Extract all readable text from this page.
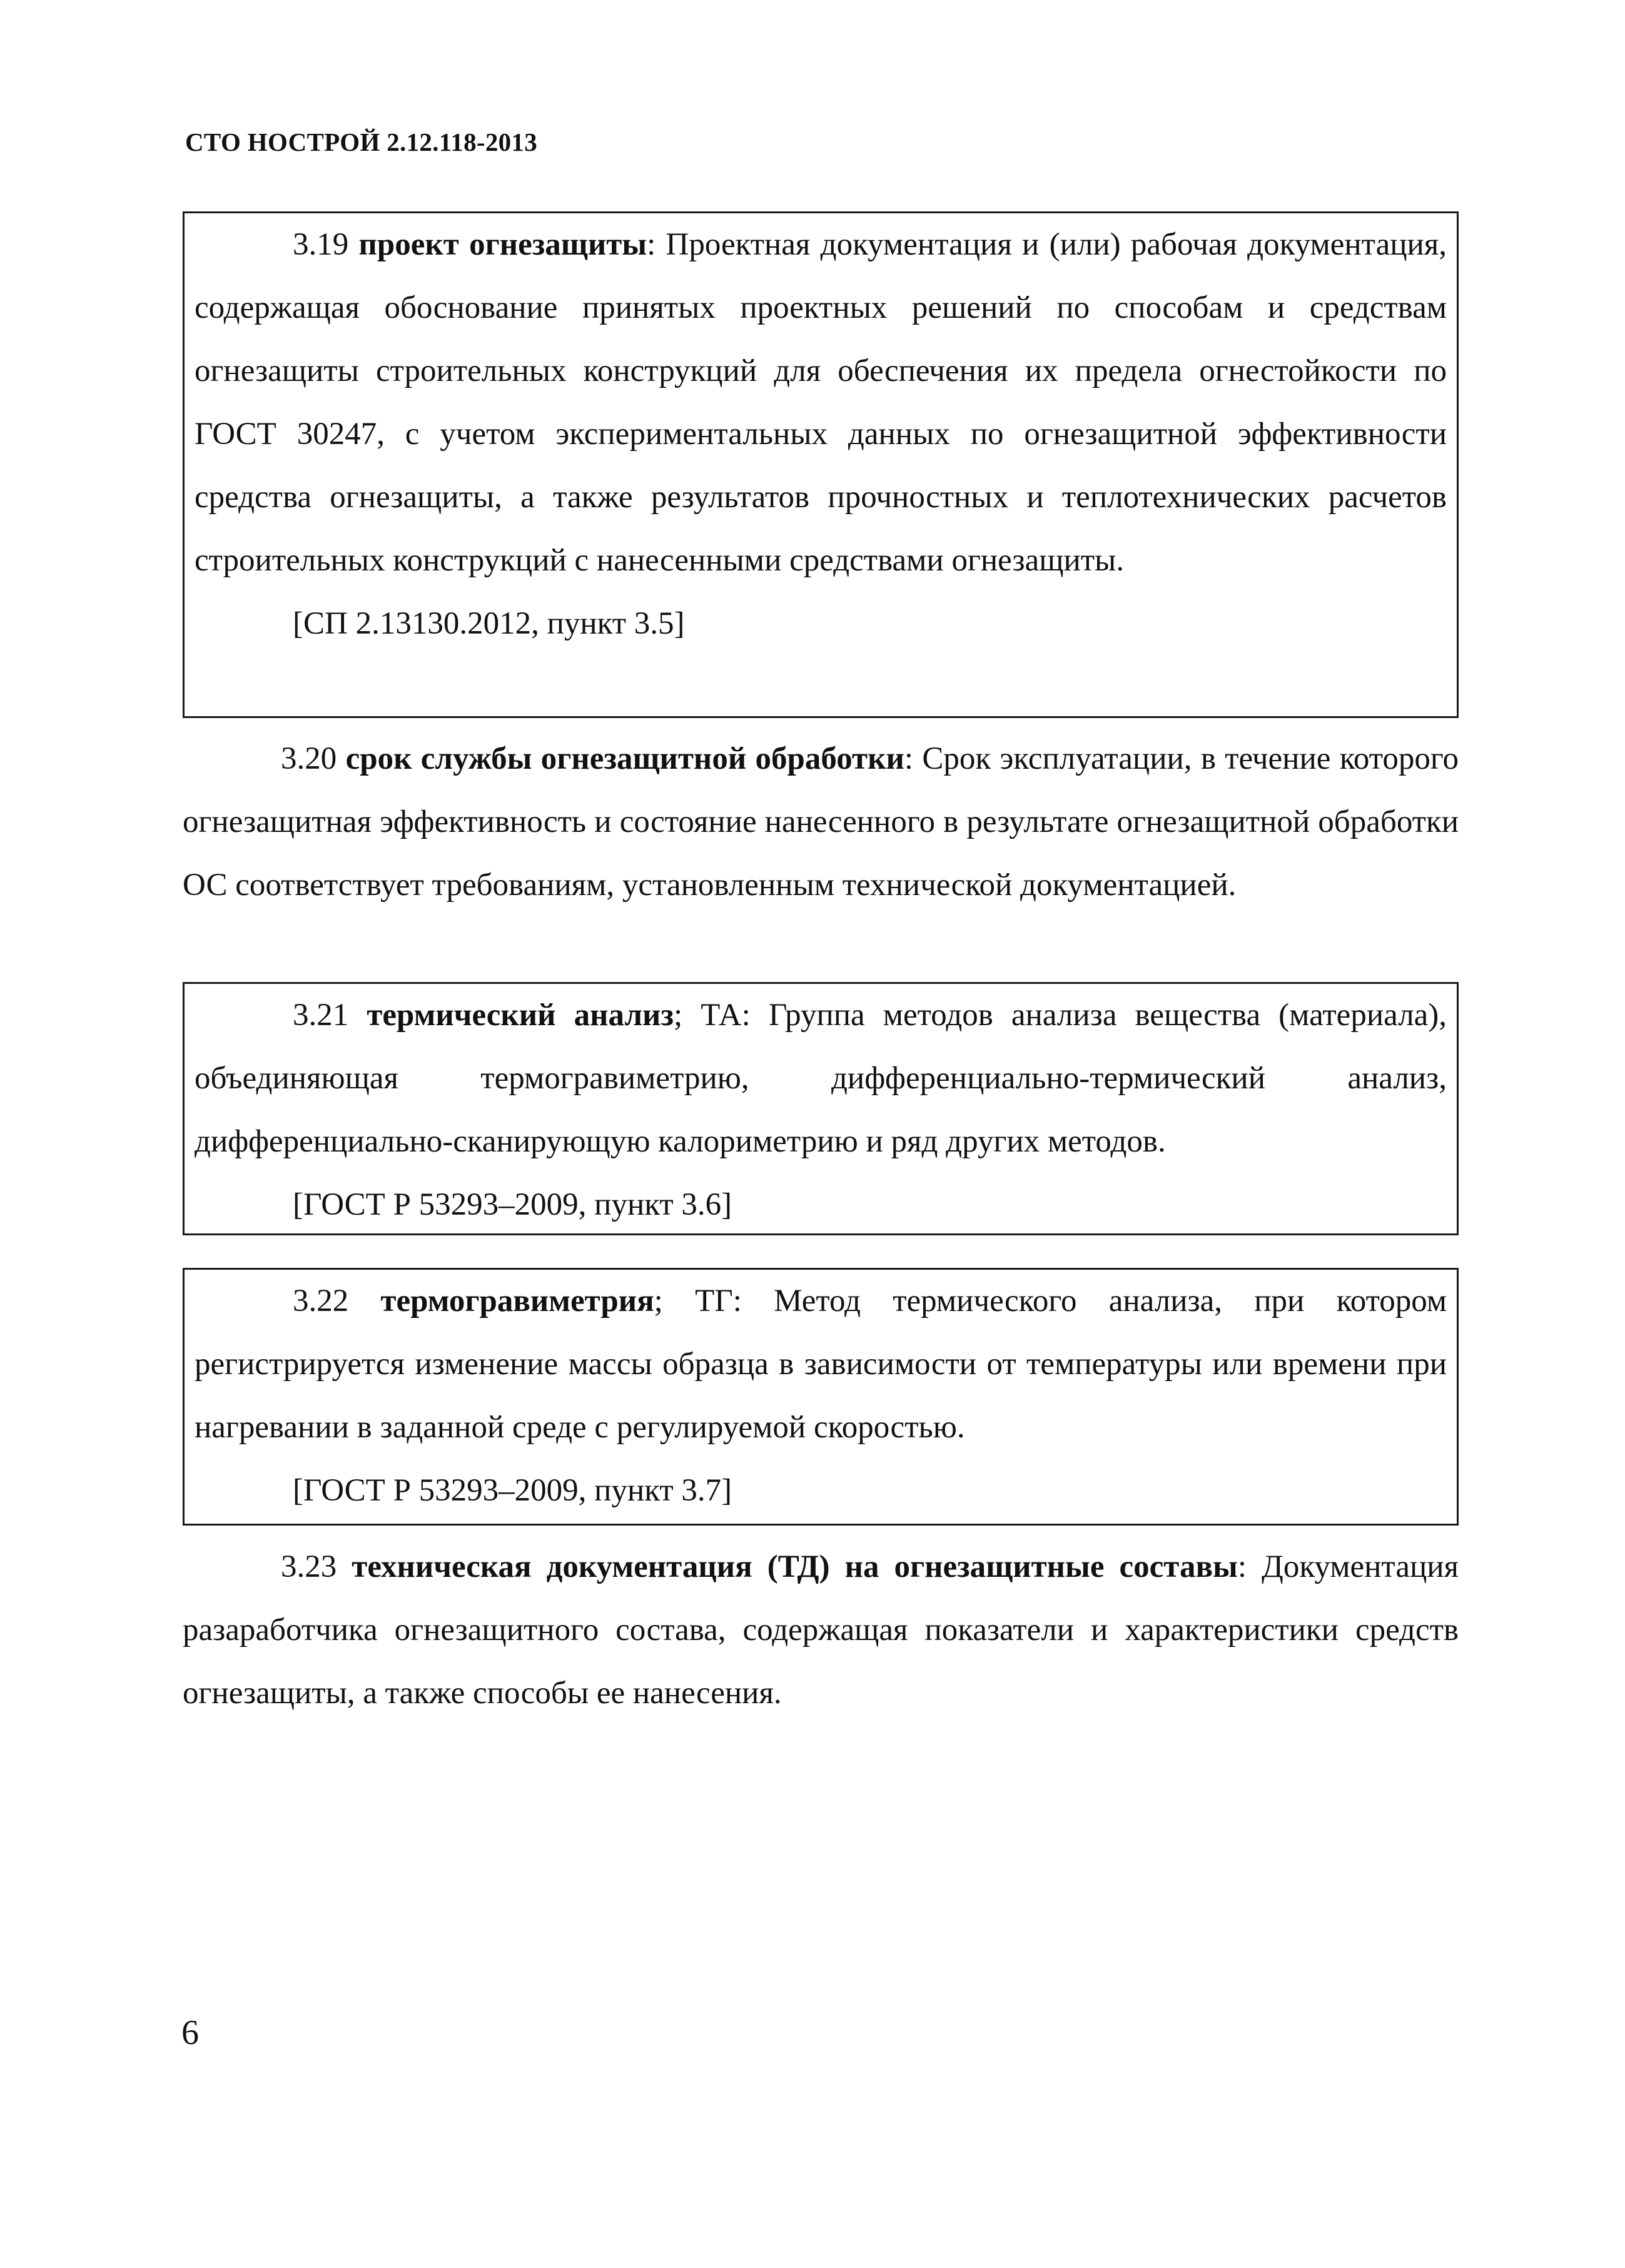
СТО НОСТРОЙ 2.12.118-2013
3.19 проект огнезащиты: Проектная документация и (или) рабочая документация, содержащая обоснование принятых проектных решений по способам и средствам огнезащиты строительных конструкций для обеспечения их предела огнестойкости по ГОСТ 30247, с учетом экспериментальных данных по огнезащитной эффективности средства огнезащиты, а также результатов прочностных и теплотехнических расчетов строительных конструкций с нанесенными средствами огнезащиты.
[СП 2.13130.2012, пункт 3.5]
3.20 срок службы огнезащитной обработки: Срок эксплуатации, в течение которого огнезащитная эффективность и состояние нанесенного в результате огнезащитной обработки ОС соответствует требованиям, установленным технической документацией.
3.21 термический анализ; ТА: Группа методов анализа вещества (материала), объединяющая термогравиметрию, дифференциально-термический анализ, дифференциально-сканирующую калориметрию и ряд других методов.
[ГОСТ Р 53293–2009, пункт 3.6]
3.22 термогравиметрия; ТГ: Метод термического анализа, при котором регистрируется изменение массы образца в зависимости от температуры или времени при нагревании в заданной среде с регулируемой скоростью.
[ГОСТ Р 53293–2009, пункт 3.7]
3.23 техническая документация (ТД) на огнезащитные составы: Документация разаработчика огнезащитного состава, содержащая показатели и характеристики средств огнезащиты, а также способы ее нанесения.
6
